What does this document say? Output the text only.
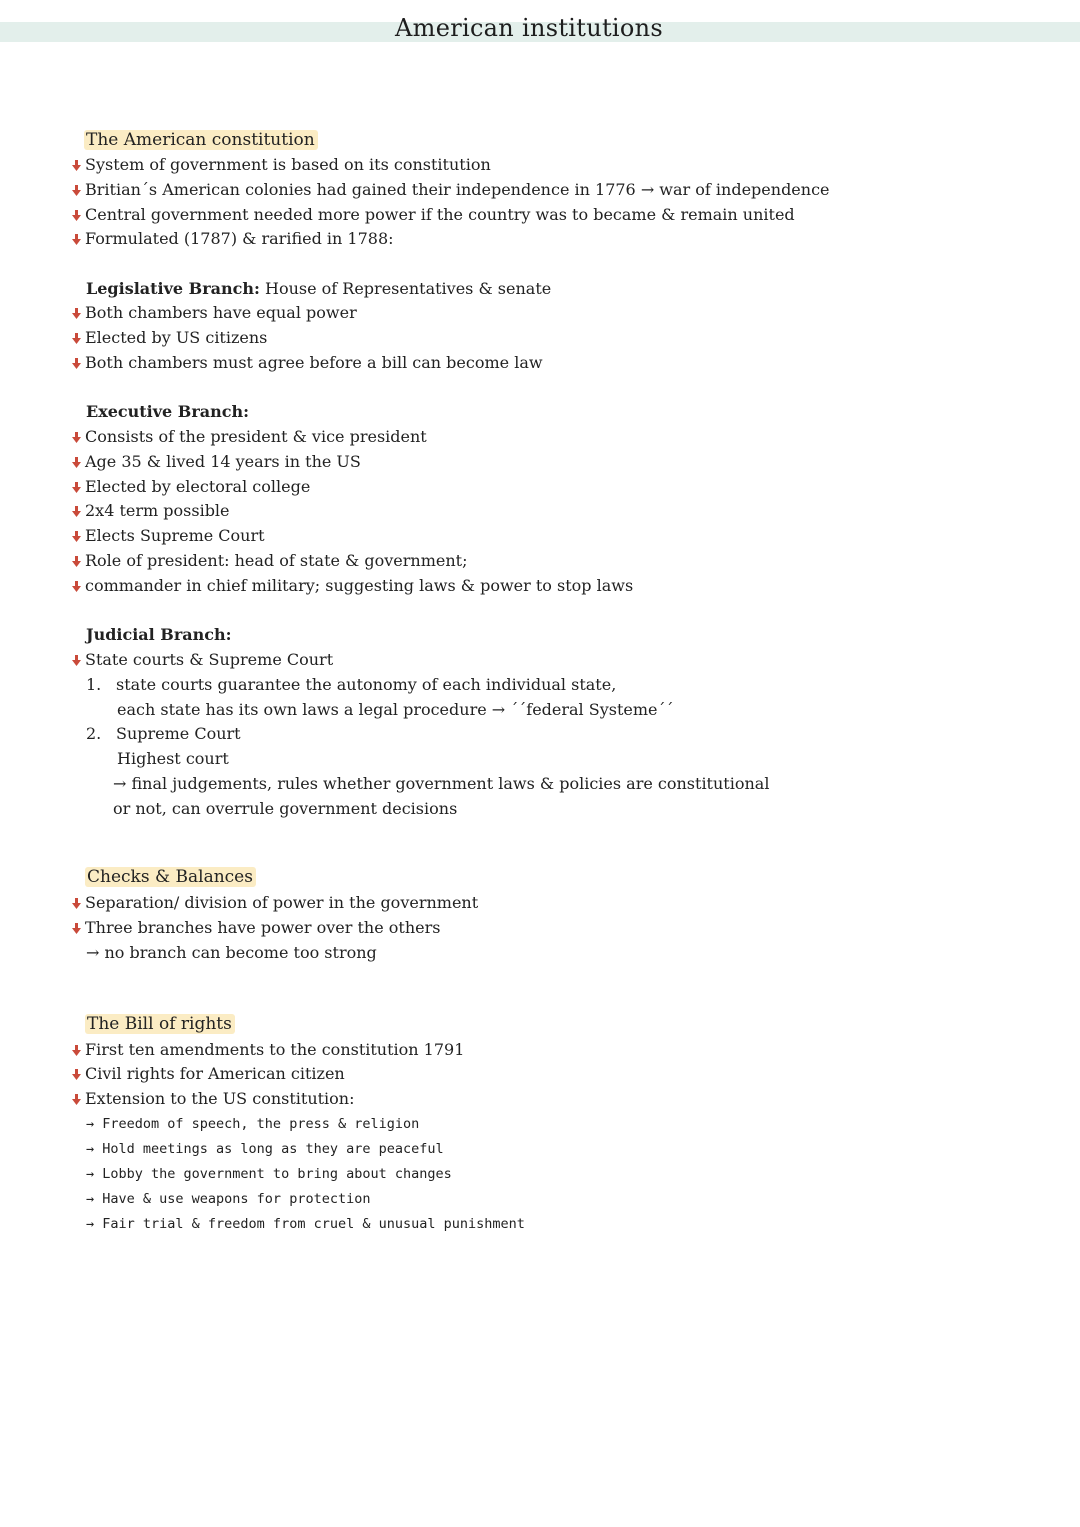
American institutions
The American constitution
System of government is based on its constitution
Britian´s American colonies had gained their independence in 1776 → war of independence
Central government needed more power if the country was to became & remain united
Formulated (1787) & rarified in 1788:
Legislative Branch: House of Representatives & senate
Both chambers have equal power
Elected by US citizens
Both chambers must agree before a bill can become law
Executive Branch:
Consists of the president & vice president
Age 35 & lived 14 years in the US
Elected by electoral college
2x4 term possible
Elects Supreme Court
Role of president: head of state & government;
commander in chief military; suggesting laws & power to stop laws
Judicial Branch:
State courts & Supreme Court
1. state courts guarantee the autonomy of each individual state,
each state has its own laws a legal procedure → ´´federal Systeme´´
2. Supreme Court
Highest court
→ final judgements, rules whether government laws & policies are constitutional
or not, can overrule government decisions
Checks & Balances
Separation/ division of power in the government
Three branches have power over the others
→ no branch can become too strong
The Bill of rights
First ten amendments to the constitution 1791
Civil rights for American citizen
Extension to the US constitution:
→ Freedom of speech, the press & religion
→ Hold meetings as long as they are peaceful
→ Lobby the government to bring about changes
→ Have & use weapons for protection
→ Fair trial & freedom from cruel & unusual punishment
